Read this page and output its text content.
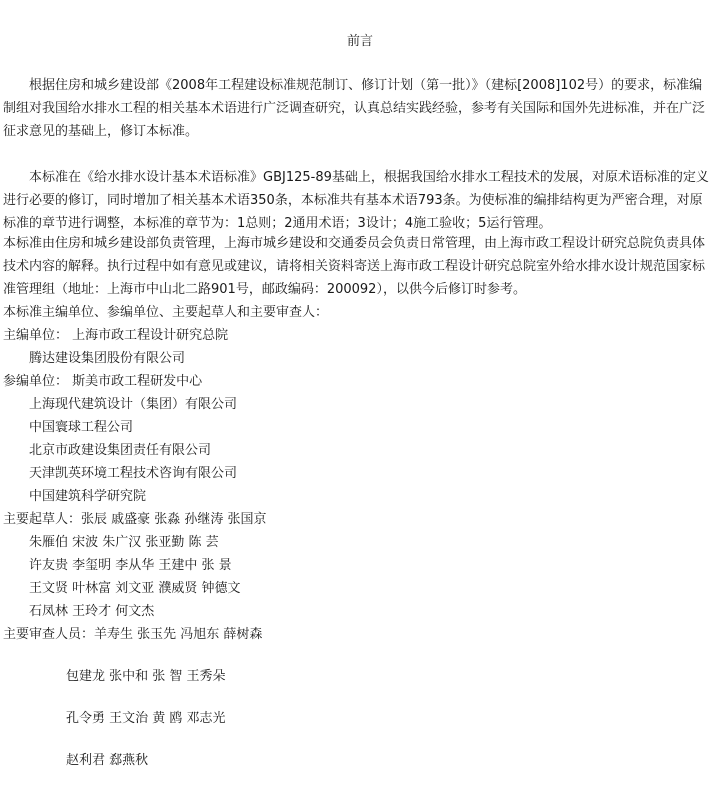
前言

根据住房和城乡建设部《2008年工程建设标准规范制订、修订计划（第一批）》（建标[2008]102号）的要求，标准编制组对我国给水排水工程的相关基本术语进行广泛调查研究，认真总结实践经验，参考有关国际和国外先进标准，并在广泛征求意见的基础上，修订本标准。

本标准在《给水排水设计基本术语标准》GBJ125-89基础上，根据我国给水排水工程技术的发展，对原术语标准的定义进行必要的修订，同时增加了相关基本术语350条，本标准共有基本术语793条。为使标准的编排结构更为严密合理，对原标准的章节进行调整，本标准的章节为：1总则；2通用术语；3设计；4施工验收；5运行管理。

本标准由住房和城乡建设部负责管理，上海市城乡建设和交通委员会负责日常管理，由上海市政工程设计研究总院负责具体技术内容的解释。执行过程中如有意见或建议，请将相关资料寄送上海市政工程设计研究总院室外给水排水设计规范国家标准管理组（地址：上海市中山北二路901号，邮政编码：200092），以供今后修订时参考。

本标准主编单位、参编单位、主要起草人和主要审查人：
主编单位： 上海市政工程设计研究总院
腾达建设集团股份有限公司
参编单位： 斯美市政工程研发中心
上海现代建筑设计（集团）有限公司
中国寰球工程公司
北京市政建设集团责任有限公司
天津凯英环境工程技术咨询有限公司
中国建筑科学研究院
主要起草人：张辰 戚盛豪 张淼 孙继涛 张国京
朱雁伯 宋波 朱广汉 张亚勤 陈 芸
许友贵 李玺明 李从华 王建中 张 景
王文贤 叶林富 刘文亚 濮威贤 钟德文
石凤林 王玲才 何文杰
主要审查人员：羊寿生 张玉先 冯旭东 薛树森
包建龙 张中和 张 智 王秀朵
孔令勇 王文治 黄 鸥 邓志光
赵利君 郄燕秋
